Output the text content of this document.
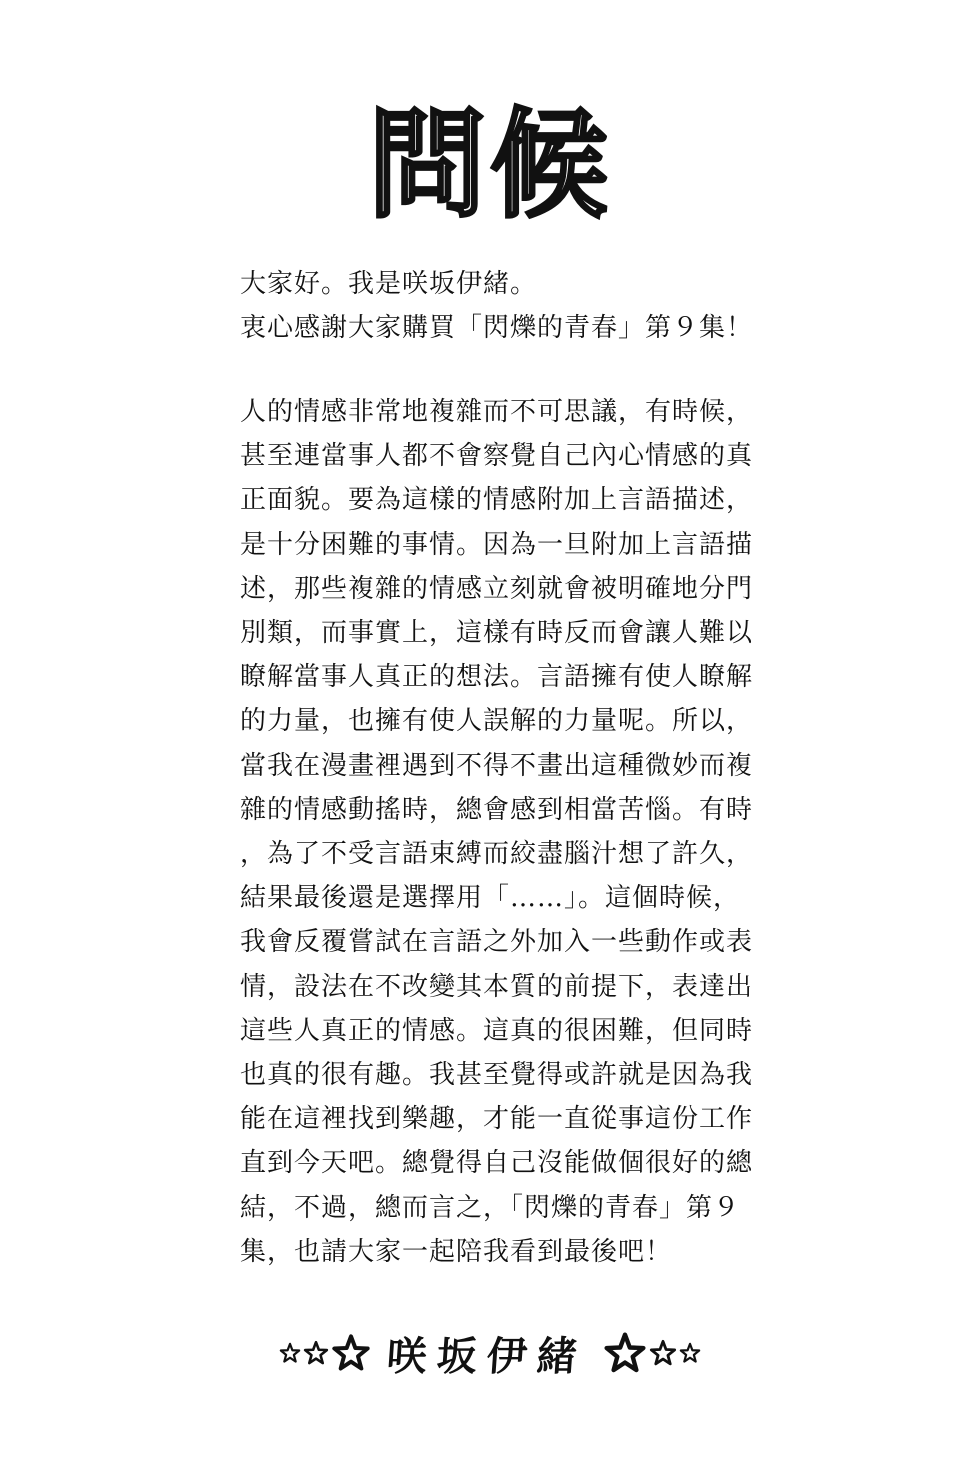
問候

大家好。我是咲坂伊緒。

衷心感謝大家購買「閃爍的青春」第９集！

人的情感非常地複雜而不可思議，有時候，

甚至連當事人都不會察覺自己內心情感的真

正面貌。要為這樣的情感附加上言語描述，

是十分困難的事情。因為一旦附加上言語描

述，那些複雜的情感立刻就會被明確地分門

別類，而事實上，這樣有時反而會讓人難以

瞭解當事人真正的想法。言語擁有使人瞭解

的力量，也擁有使人誤解的力量呢。所以，

當我在漫畫裡遇到不得不畫出這種微妙而複

雜的情感動搖時，總會感到相當苦惱。有時

，為了不受言語束縛而絞盡腦汁想了許久，

結果最後還是選擇用「……」。這個時候，

我會反覆嘗試在言語之外加入一些動作或表

情，設法在不改變其本質的前提下，表達出

這些人真正的情感。這真的很困難，但同時

也真的很有趣。我甚至覺得或許就是因為我

能在這裡找到樂趣，才能一直從事這份工作

直到今天吧。總覺得自己沒能做個很好的總

結，不過，總而言之，「閃爍的青春」第９

集，也請大家一起陪我看到最後吧！

咲坂伊緒
